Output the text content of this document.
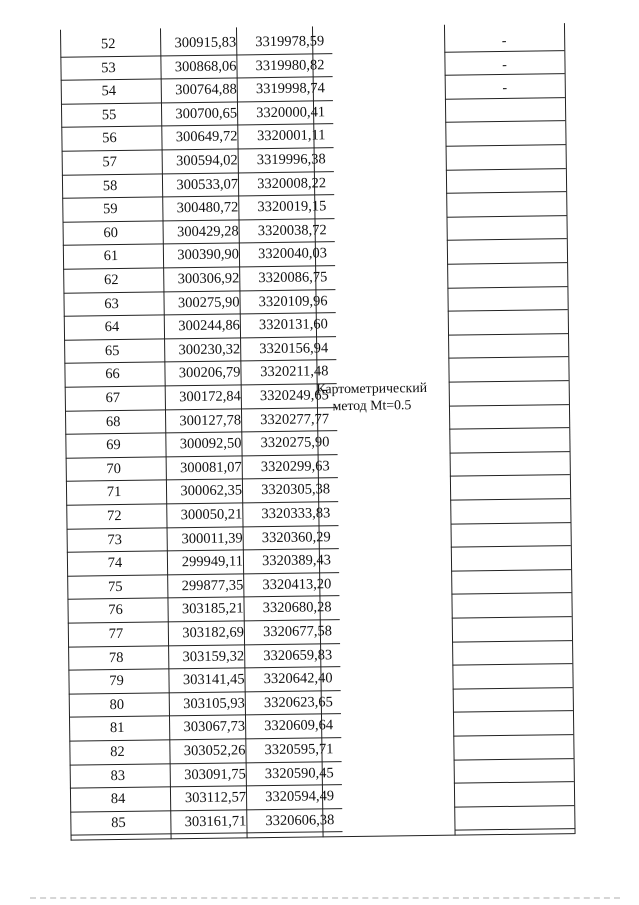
Картометрический метод Mt=0.5
52	300915,83	3319978,59	-
53	300868,06	3319980,82	-
54	300764,88	3319998,74	-
55	300700,65	3320000,41
56	300649,72	3320001,11
57	300594,02	3319996,38
58	300533,07	3320008,22
59	300480,72	3320019,15
60	300429,28	3320038,72
61	300390,90	3320040,03
62	300306,92	3320086,75
63	300275,90	3320109,96
64	300244,86	3320131,60
65	300230,32	3320156,94
66	300206,79	3320211,48
67	300172,84	3320249,65
68	300127,78	3320277,77
69	300092,50	3320275,90
70	300081,07	3320299,63
71	300062,35	3320305,38
72	300050,21	3320333,83
73	300011,39	3320360,29
74	299949,11	3320389,43
75	299877,35	3320413,20
76	303185,21	3320680,28
77	303182,69	3320677,58
78	303159,32	3320659,83
79	303141,45	3320642,40
80	303105,93	3320623,65
81	303067,73	3320609,64
82	303052,26	3320595,71
83	303091,75	3320590,45
84	303112,57	3320594,49
85	303161,71	3320606,38
